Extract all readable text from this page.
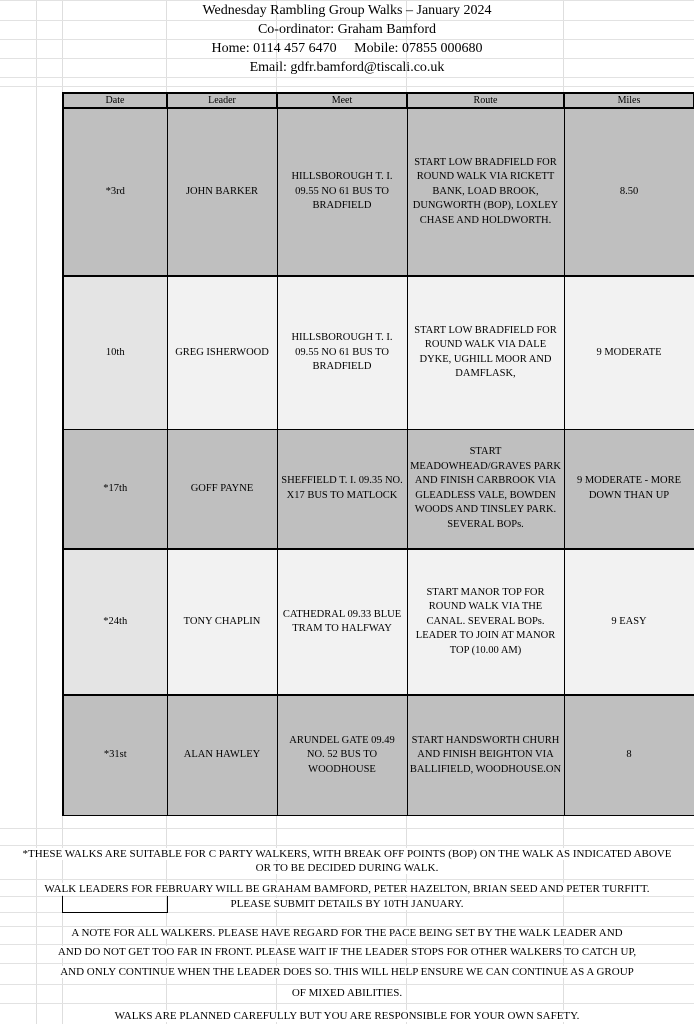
Wednesday Rambling Group Walks – January 2024
Co-ordinator: Graham Bamford
Home: 0114 457 6470     Mobile: 07855 000680
Email: gdfr.bamford@tiscali.co.uk
Date	Leader	Meet	Route	Miles
*3rd	JOHN BARKER	HILLSBOROUGH T. I. 09.55 NO 61 BUS TO BRADFIELD	START LOW BRADFIELD FOR ROUND WALK VIA RICKETT BANK, LOAD BROOK, DUNGWORTH (BOP), LOXLEY CHASE AND HOLDWORTH.	8.50
10th	GREG ISHERWOOD	HILLSBOROUGH T. I. 09.55 NO 61 BUS TO BRADFIELD	START LOW BRADFIELD FOR ROUND WALK VIA DALE DYKE, UGHILL MOOR AND DAMFLASK,	9 MODERATE
*17th	GOFF PAYNE	SHEFFIELD T. I. 09.35 NO. X17 BUS TO MATLOCK	START MEADOWHEAD/GRAVES PARK AND FINISH CARBROOK VIA GLEADLESS VALE, BOWDEN WOODS AND TINSLEY PARK. SEVERAL BOPs.	9 MODERATE - MORE DOWN THAN UP
*24th	TONY CHAPLIN	CATHEDRAL 09.33 BLUE TRAM TO HALFWAY	START MANOR TOP FOR ROUND WALK VIA THE CANAL. SEVERAL BOPs. LEADER TO JOIN AT MANOR TOP (10.00 AM)	9 EASY
*31st	ALAN HAWLEY	ARUNDEL GATE 09.49 NO. 52 BUS TO WOODHOUSE	START HANDSWORTH CHURH AND FINISH BEIGHTON VIA BALLIFIELD, WOODHOUSE.ON	8
*THESE WALKS ARE SUITABLE FOR C PARTY WALKERS, WITH BREAK OFF POINTS (BOP) ON THE WALK AS INDICATED ABOVE
OR TO BE DECIDED DURING WALK.
WALK LEADERS FOR FEBRUARY WILL BE GRAHAM BAMFORD, PETER HAZELTON, BRIAN SEED AND PETER TURFITT.
PLEASE SUBMIT DETAILS BY 10TH JANUARY.
A NOTE FOR ALL WALKERS. PLEASE HAVE REGARD FOR THE PACE BEING SET BY THE WALK LEADER AND
AND DO NOT GET TOO FAR IN FRONT. PLEASE WAIT IF THE LEADER STOPS FOR OTHER WALKERS TO CATCH UP,
AND ONLY CONTINUE WHEN THE LEADER DOES SO. THIS WILL HELP ENSURE WE CAN CONTINUE AS A GROUP
OF MIXED ABILITIES.
WALKS ARE PLANNED CAREFULLY BUT YOU ARE RESPONSIBLE FOR YOUR OWN SAFETY.
